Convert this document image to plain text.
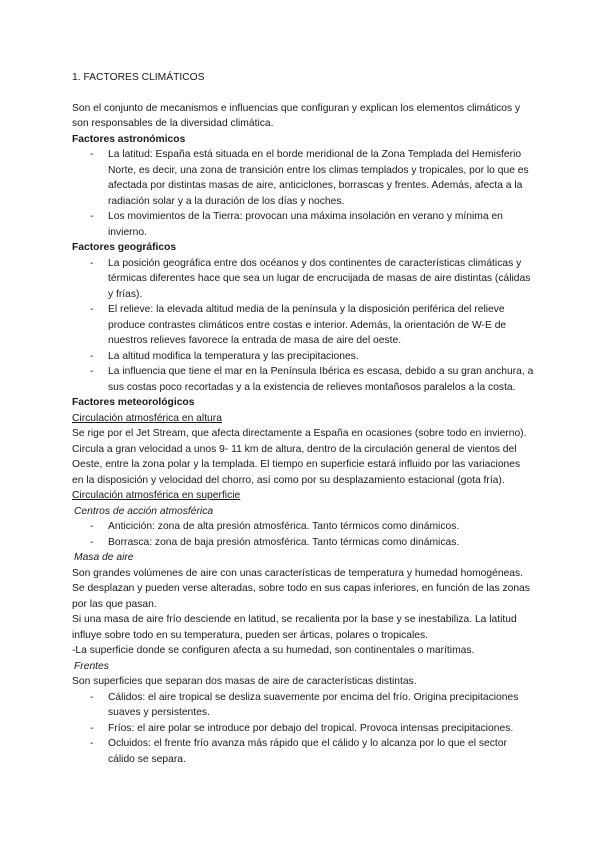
1. FACTORES CLIMÁTICOS

Son el conjunto de mecanismos e influencias que configuran y explican los elementos climáticos y son responsables de la diversidad climática.

Factores astronómicos

- La latitud: España está situada en el borde meridional de la Zona Templada del Hemisferio Norte, es decir, una zona de transición entre los climas templados y tropicales, por lo que es afectada por distintas masas de aire, anticiclones, borrascas y frentes. Además, afecta a la radiación solar y a la duración de los días y noches.
- Los movimientos de la Tierra: provocan una máxima insolación en verano y mínima en invierno.

Factores geográficos

- La posición geográfica entre dos océanos y dos continentes de características climáticas y térmicas diferentes hace que sea un lugar de encrucijada de masas de aire distintas (cálidas y frías).
- El relieve: la elevada altitud media de la península y la disposición periférica del relieve produce contrastes climáticos entre costas e interior. Además, la orientación de W-E de nuestros relieves favorece la entrada de masa de aire del oeste.
- La altitud modifica la temperatura y las precipitaciones.
- La influencia que tiene el mar en la Península Ibérica es escasa, debido a su gran anchura, a sus costas poco recortadas y a la existencia de relieves montañosos paralelos a la costa.

Factores meteorológicos

Circulación atmosférica en altura

Se rige por el Jet Stream, que afecta directamente a España en ocasiones (sobre todo en invierno). Circula a gran velocidad a unos 9- 11 km de altura, dentro de la circulación general de vientos del Oeste, entre la zona polar y la templada. El tiempo en superficie estará influido por las variaciones en la disposición y velocidad del chorro, así como por su desplazamiento estacional (gota fría).

Circulación atmosférica en superficie

Centros de acción atmosférica

- Anticición: zona de alta presión atmosférica. Tanto térmicos como dinámicos.
- Borrasca: zona de baja presión atmosférica. Tanto térmicas como dinámicas.

Masa de aire

Son grandes volúmenes de aire con unas características de temperatura y humedad homogéneas. Se desplazan y pueden verse alteradas, sobre todo en sus capas inferiores, en función de las zonas por las que pasan.

Si una masa de aire frío desciende en latitud, se recalienta por la base y se inestabiliza. La latitud influye sobre todo en su temperatura, pueden ser árticas, polares o tropicales.

-La superficie donde se configuren afecta a su humedad, son continentales o marítimas.

Frentes

Son superficies que separan dos masas de aire de características distintas.

- Cálidos: el aire tropical se desliza suavemente por encima del frío. Origina precipitaciones suaves y persistentes.
- Fríos: el aire polar se introduce por debajo del tropical. Provoca intensas precipitaciones.
- Ocluidos: el frente frío avanza más rápido que el cálido y lo alcanza por lo que el sector cálido se separa.
